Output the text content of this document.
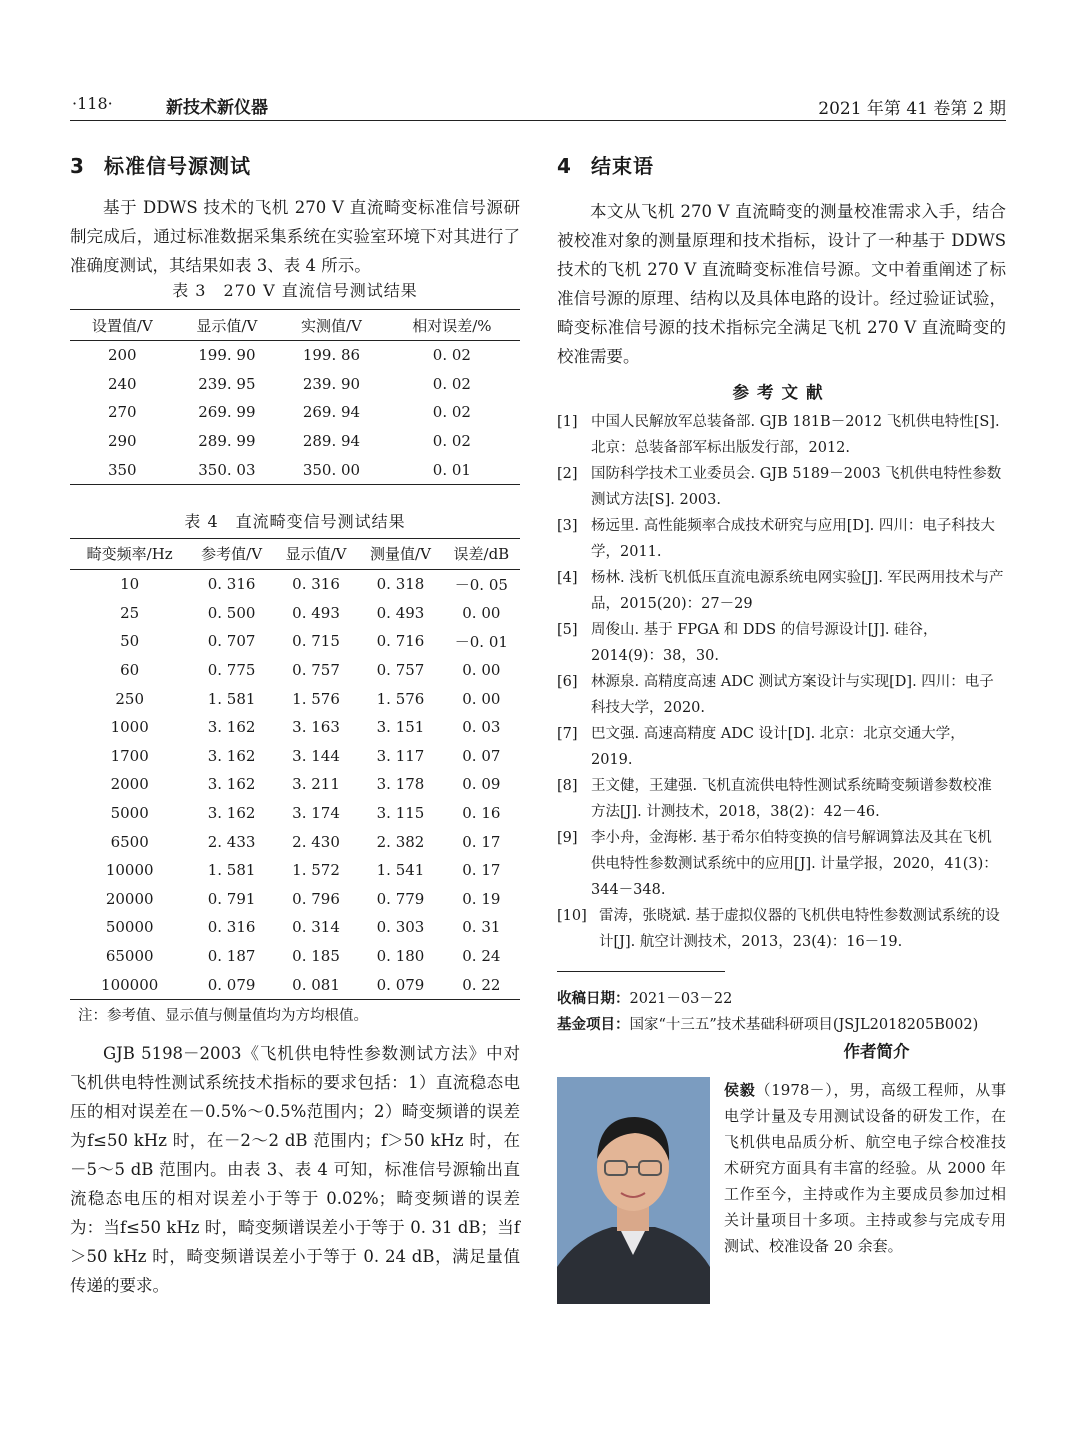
·118·	新技术新仪器	2021 年第 41 卷第 2 期
3 标准信号源测试

基于 DDWS 技术的飞机 270 V 直流畸变标准信号源研制完成后，通过标准数据采集系统在实验室环境下对其进行了准确度测试，其结果如表 3、表 4 所示。

表 3　270 V 直流信号测试结果

设置值/V	显示值/V	实测值/V	相对误差/%
200	199. 90	199. 86	0. 02
240	239. 95	239. 90	0. 02
270	269. 99	269. 94	0. 02
290	289. 99	289. 94	0. 02
350	350. 03	350. 00	0. 01

表 4　直流畸变信号测试结果

畸变频率/Hz	参考值/V	显示值/V	测量值/V	误差/dB
10	0. 316	0. 316	0. 318	－0. 05
25	0. 500	0. 493	0. 493	0. 00
50	0. 707	0. 715	0. 716	－0. 01
60	0. 775	0. 757	0. 757	0. 00
250	1. 581	1. 576	1. 576	0. 00
1000	3. 162	3. 163	3. 151	0. 03
1700	3. 162	3. 144	3. 117	0. 07
2000	3. 162	3. 211	3. 178	0. 09
5000	3. 162	3. 174	3. 115	0. 16
6500	2. 433	2. 430	2. 382	0. 17
10000	1. 581	1. 572	1. 541	0. 17
20000	0. 791	0. 796	0. 779	0. 19
50000	0. 316	0. 314	0. 303	0. 31
65000	0. 187	0. 185	0. 180	0. 24
100000	0. 079	0. 081	0. 079	0. 22

注：参考值、显示值与侧量值均为方均根值。

GJB 5198－2003《飞机供电特性参数测试方法》中对飞机供电特性测试系统技术指标的要求包括：1）直流稳态电压的相对误差在－0.5%～0.5%范围内；2）畸变频谱的误差为f≤50 kHz 时，在－2～2 dB 范围内；f＞50 kHz 时，在－5～5 dB 范围内。由表 3、表 4 可知，标准信号源输出直流稳态电压的相对误差小于等于 0.02%；畸变频谱的误差为：当f≤50 kHz 时，畸变频谱误差小于等于 0. 31 dB；当f＞50 kHz 时，畸变频谱误差小于等于 0. 24 dB，满足量值传递的要求。

4 结束语

本文从飞机 270 V 直流畸变的测量校准需求入手，结合被校准对象的测量原理和技术指标，设计了一种基于 DDWS 技术的飞机 270 V 直流畸变标准信号源。文中着重阐述了标准信号源的原理、结构以及具体电路的设计。经过验证试验，畸变标准信号源的技术指标完全满足飞机 270 V 直流畸变的校准需要。

参考文献

[1] 中国人民解放军总装备部. GJB 181B－2012 飞机供电特性[S]. 北京：总装备部军标出版发行部，2012.

[2] 国防科学技术工业委员会. GJB 5189－2003 飞机供电特性参数测试方法[S]. 2003.

[3] 杨远里. 高性能频率合成技术研究与应用[D]. 四川：电子科技大学，2011.

[4] 杨林. 浅析飞机低压直流电源系统电网实验[J]. 军民两用技术与产品，2015(20)：27－29

[5] 周俊山. 基于 FPGA 和 DDS 的信号源设计[J]. 硅谷，2014(9)：38，30.

[6] 林源泉. 高精度高速 ADC 测试方案设计与实现[D]. 四川：电子科技大学，2020.

[7] 巴文强. 高速高精度 ADC 设计[D]. 北京：北京交通大学，2019.

[8] 王文健，王建强. 飞机直流供电特性测试系统畸变频谱参数校准方法[J]. 计测技术，2018，38(2)：42－46.

[9] 李小舟，金海彬. 基于希尔伯特变换的信号解调算法及其在飞机供电特性参数测试系统中的应用[J]. 计量学报，2020，41(3)：344－348.

[10] 雷涛，张晓斌. 基于虚拟仪器的飞机供电特性参数测试系统的设计[J]. 航空计测技术，2013，23(4)：16－19.

收稿日期：2021－03－22

基金项目：国家“十三五”技术基础科研项目(JSJL2018205B002)

作者简介

侯毅（1978－），男，高级工程师，从事电学计量及专用测试设备的研发工作，在飞机供电品质分析、航空电子综合校准技术研究方面具有丰富的经验。从 2000 年工作至今，主持或作为主要成员参加过相关计量项目十多项。主持或参与完成专用测试、校准设备 20 余套。
